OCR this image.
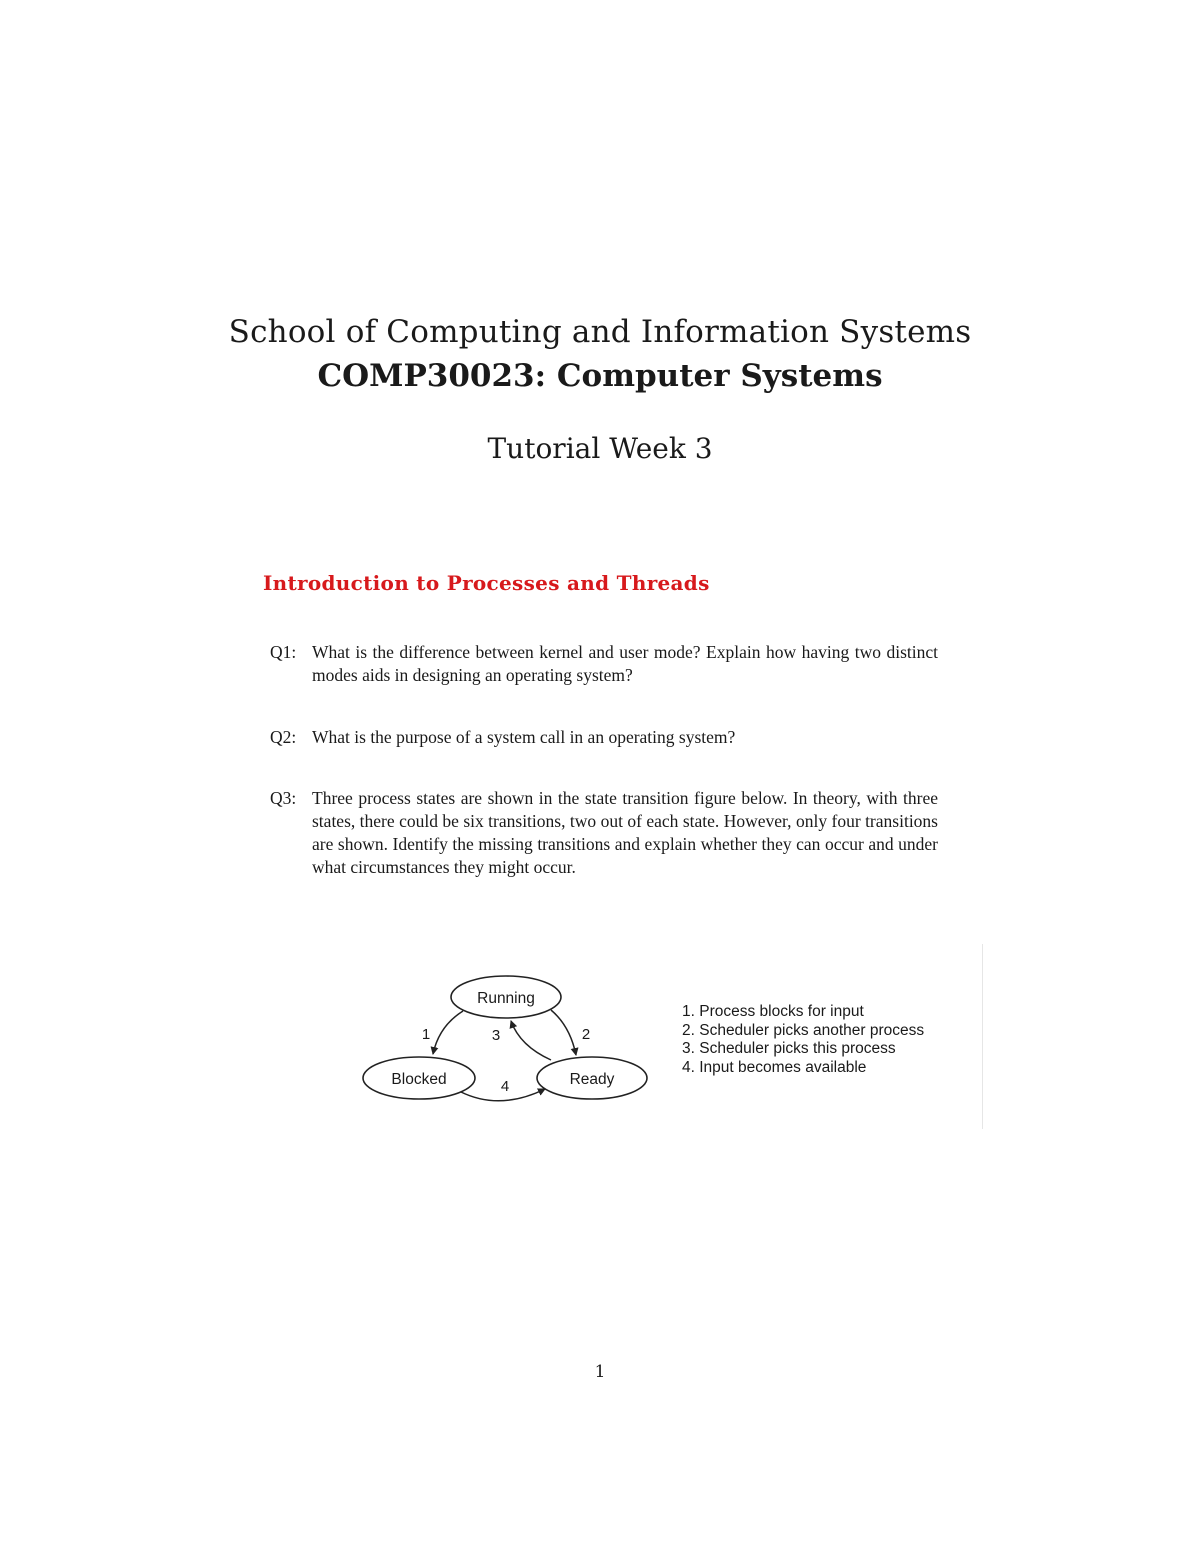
School of Computing and Information Systems
COMP30023: Computer Systems
Tutorial Week 3
Introduction to Processes and Threads
Q1: What is the difference between kernel and user mode? Explain how having two distinct modes aids in designing an operating system?
Q2: What is the purpose of a system call in an operating system?
Q3: Three process states are shown in the state transition figure below. In theory, with three states, there could be six transitions, two out of each state. However, only four transitions are shown. Identify the missing transitions and explain whether they can occur and under what circumstances they might occur.
Running
Blocked	Ready
1	2
3
4
1. Process blocks for input
2. Scheduler picks another process
3. Scheduler picks this process
4. Input becomes available
1
